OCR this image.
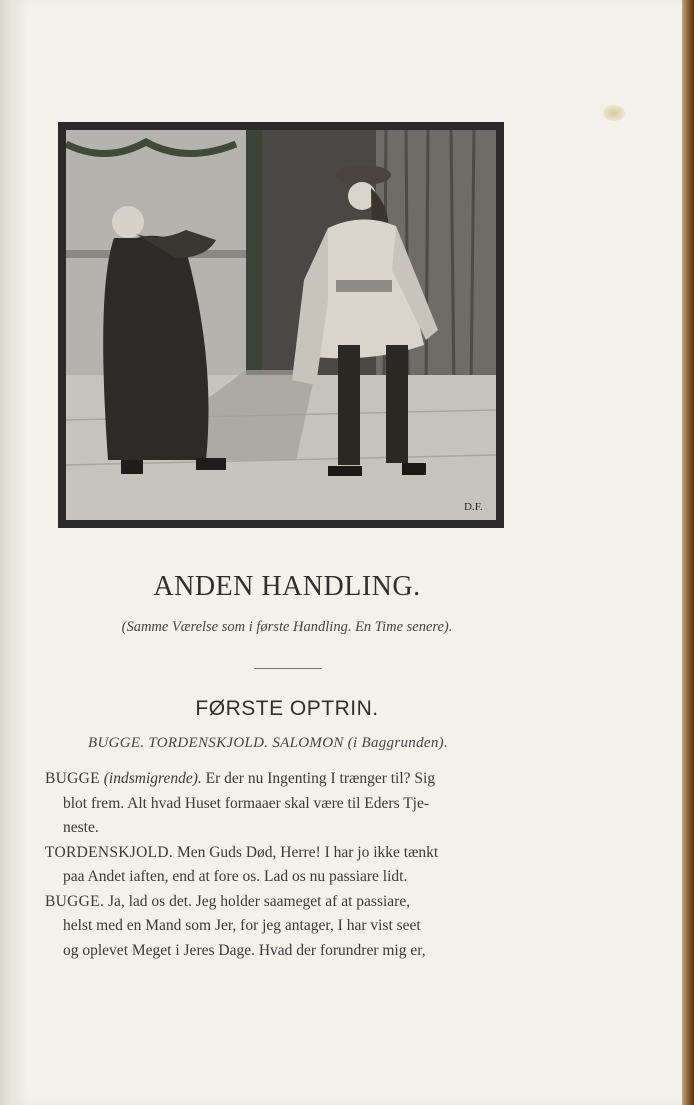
D.F.
ANDEN HANDLING.
(Samme Værelse som i første Handling. En Time senere).
FØRSTE OPTRIN.
BUGGE. TORDENSKJOLD. SALOMON (i Baggrunden).

BUGGE (indsmigrende). Er der nu Ingenting I trænger til? Sig
blot frem. Alt hvad Huset formaaer skal være til Eders Tje-
neste.

TORDENSKJOLD. Men Guds Død, Herre! I har jo ikke tænkt
paa Andet iaften, end at fore os. Lad os nu passiare lidt.

BUGGE. Ja, lad os det. Jeg holder saameget af at passiare,
helst med en Mand som Jer, for jeg antager, I har vist seet
og oplevet Meget i Jeres Dage. Hvad der forundrer mig er,
